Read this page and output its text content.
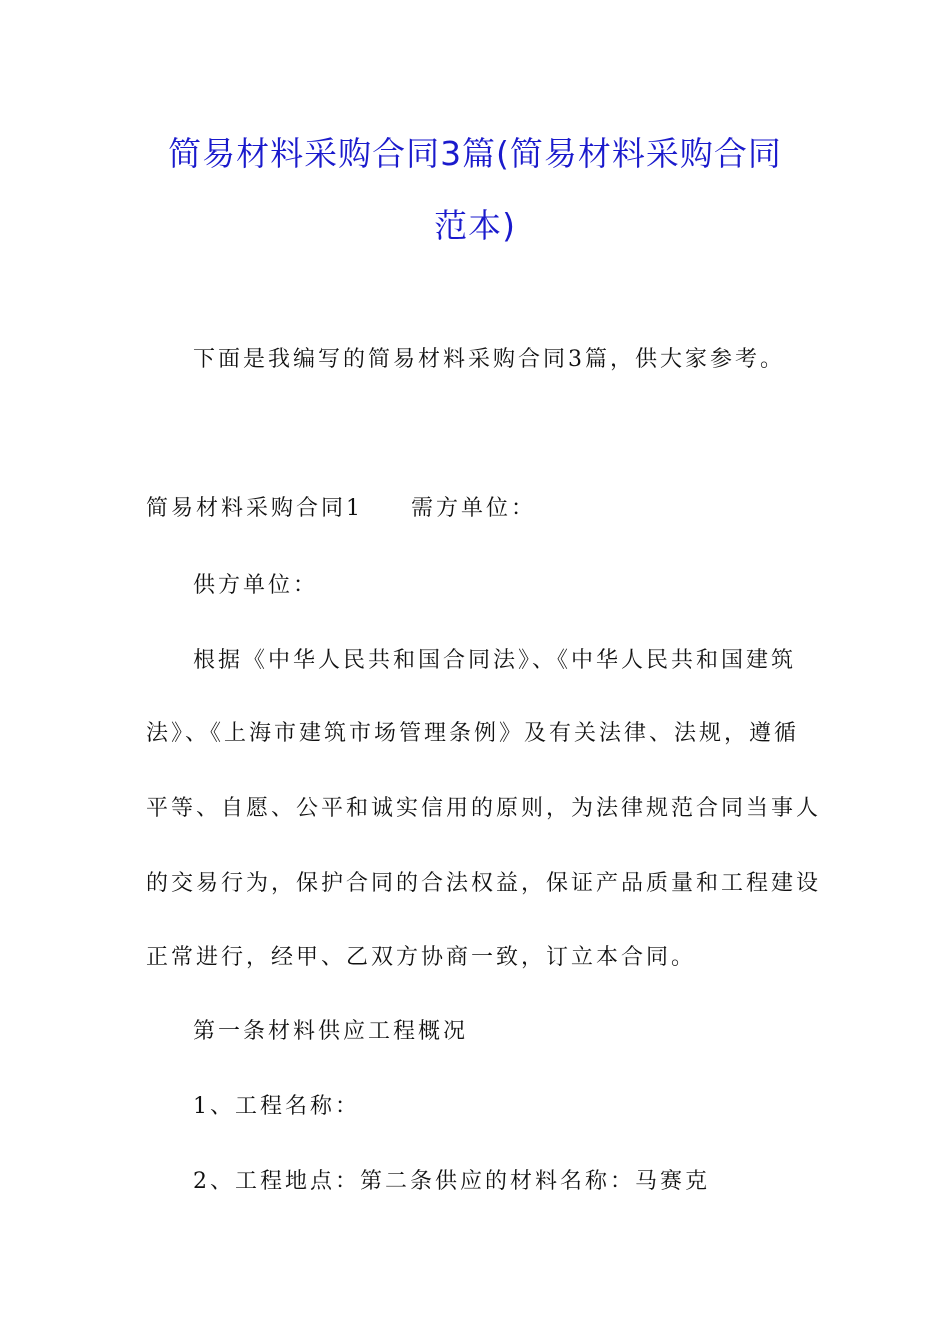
简易材料采购合同3篇(简易材料采购合同
范本)
下面是我编写的简易材料采购合同3篇，供大家参考。
简易材料采购合同1 需方单位：
供方单位：
根据《中华人民共和国合同法》、《中华人民共和国建筑
法》、《上海市建筑市场管理条例》及有关法律、法规，遵循
平等、自愿、公平和诚实信用的原则，为法律规范合同当事人
的交易行为，保护合同的合法权益，保证产品质量和工程建设
正常进行，经甲、乙双方协商一致，订立本合同。
第一条材料供应工程概况
1、工程名称：
2、工程地点：第二条供应的材料名称：马赛克
